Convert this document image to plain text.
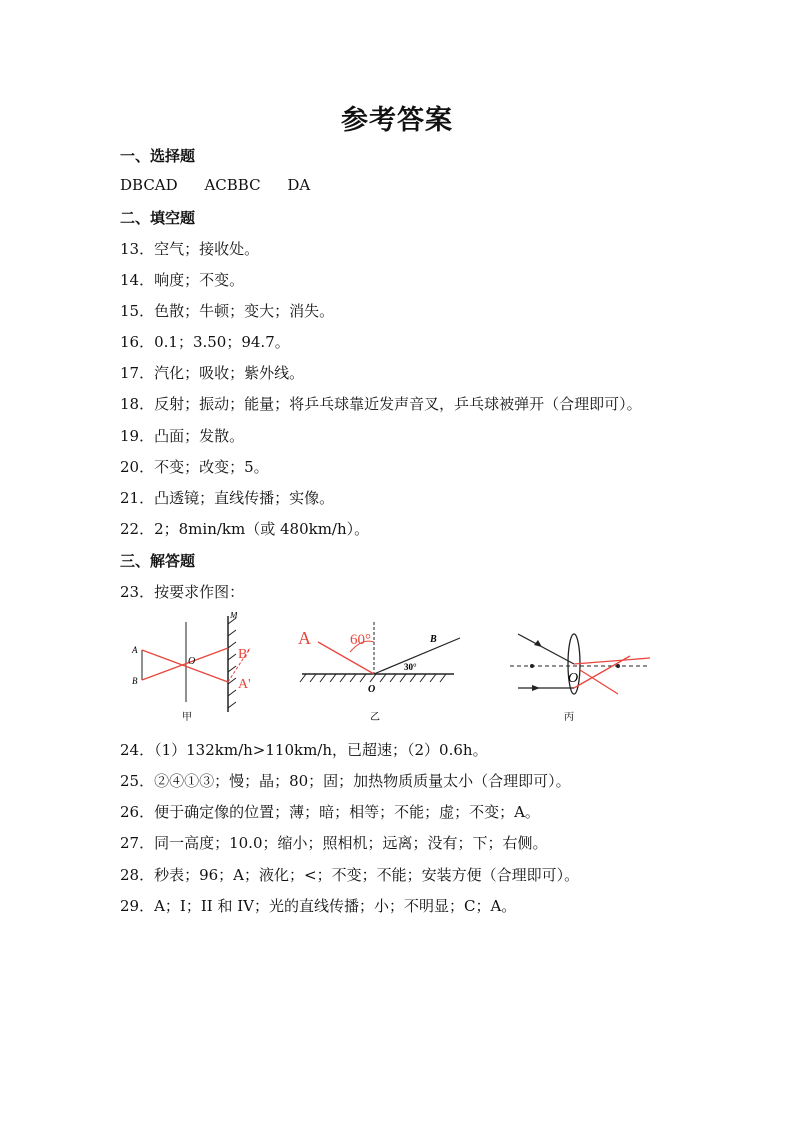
参考答案
一、选择题
DBCAD ACBBC DA
二、填空题
13．空气；接收处。
14．响度；不变。
15．色散；牛顿；变大；消失。
16．0.1；3.50；94.7。
17．汽化；吸收；紫外线。
18．反射；振动；能量；将乒乓球靠近发声音叉，乒乓球被弹开（合理即可）。
19．凸面；发散。
20．不变；改变；5。
21．凸透镜；直线传播；实像。
22．2；8min/km（或 480km/h）。
三、解答题
23．按要求作图：
A
B
M
O	B'
A'
甲
A	60°	B
30°
O
乙
O
丙
24．（1）132km/h>110km/h，已超速；（2）0.6h。
25．②④①③；慢；晶；80；固；加热物质质量太小（合理即可）。
26．便于确定像的位置；薄；暗；相等；不能；虚；不变；A。
27．同一高度；10.0；缩小；照相机；远离；没有；下；右侧。
28．秒表；96；A；液化；<；不变；不能；安装方便（合理即可）。
29．A；I；II 和 IV；光的直线传播；小；不明显；C；A。
